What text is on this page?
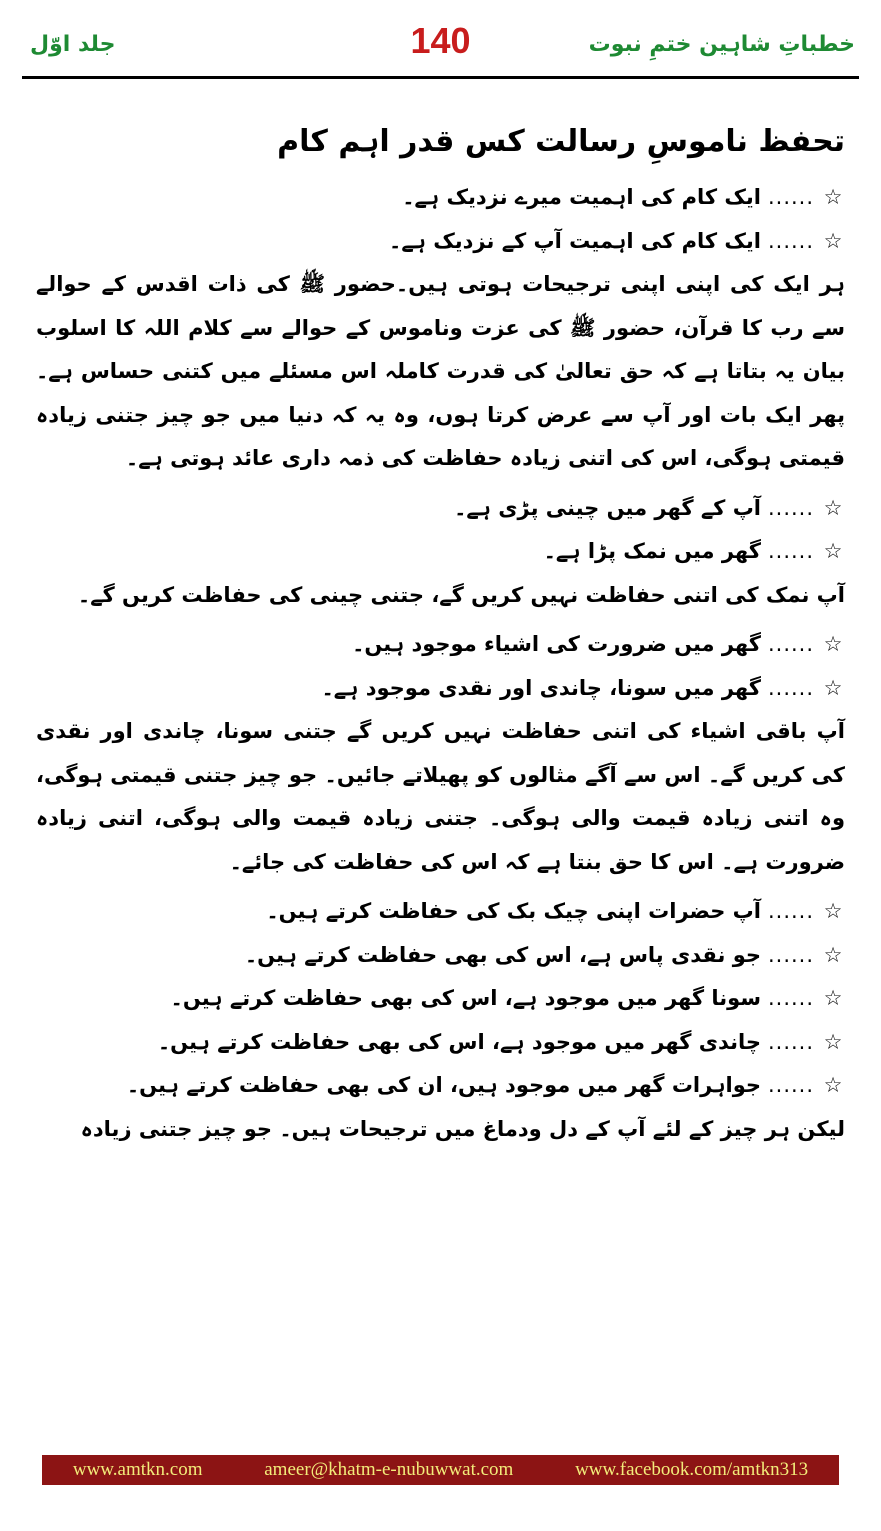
جلد اوّل	140	خطباتِ شاہین ختمِ نبوت
تحفظ ناموسِ رسالت کس قدر اہم کام
☆......ایک کام کی اہمیت میرے نزدیک ہے۔
☆......ایک کام کی اہمیت آپ کے نزدیک ہے۔
ہر ایک کی اپنی اپنی ترجیحات ہوتی ہیں۔حضور ﷺ کی ذات اقدس کے حوالے سے رب کا قرآن، حضور ﷺ کی عزت وناموس کے حوالے سے کلام اللہ کا اسلوب بیان یہ بتاتا ہے کہ حق تعالیٰ کی قدرت کاملہ اس مسئلے میں کتنی حساس ہے۔ پھر ایک بات اور آپ سے عرض کرتا ہوں، وہ یہ کہ دنیا میں جو چیز جتنی زیادہ قیمتی ہوگی، اس کی اتنی زیادہ حفاظت کی ذمہ داری عائد ہوتی ہے۔
☆......آپ کے گھر میں چینی پڑی ہے۔
☆......گھر میں نمک پڑا ہے۔
آپ نمک کی اتنی حفاظت نہیں کریں گے، جتنی چینی کی حفاظت کریں گے۔
☆......گھر میں ضرورت کی اشیاء موجود ہیں۔
☆......گھر میں سونا، چاندی اور نقدی موجود ہے۔
آپ باقی اشیاء کی اتنی حفاظت نہیں کریں گے جتنی سونا، چاندی اور نقدی کی کریں گے۔ اس سے آگے مثالوں کو پھیلاتے جائیں۔ جو چیز جتنی قیمتی ہوگی، وہ اتنی زیادہ قیمت والی ہوگی۔ جتنی زیادہ قیمت والی ہوگی، اتنی زیادہ ضرورت ہے۔ اس کا حق بنتا ہے کہ اس کی حفاظت کی جائے۔
☆......آپ حضرات اپنی چیک بک کی حفاظت کرتے ہیں۔
☆......جو نقدی پاس ہے، اس کی بھی حفاظت کرتے ہیں۔
☆......سونا گھر میں موجود ہے، اس کی بھی حفاظت کرتے ہیں۔
☆......چاندی گھر میں موجود ہے، اس کی بھی حفاظت کرتے ہیں۔
☆......جواہرات گھر میں موجود ہیں، ان کی بھی حفاظت کرتے ہیں۔
لیکن ہر چیز کے لئے آپ کے دل ودماغ میں ترجیحات ہیں۔ جو چیز جتنی زیادہ
www.amtkn.com	ameer@khatm-e-nubuwwat.com	www.facebook.com/amtkn313
